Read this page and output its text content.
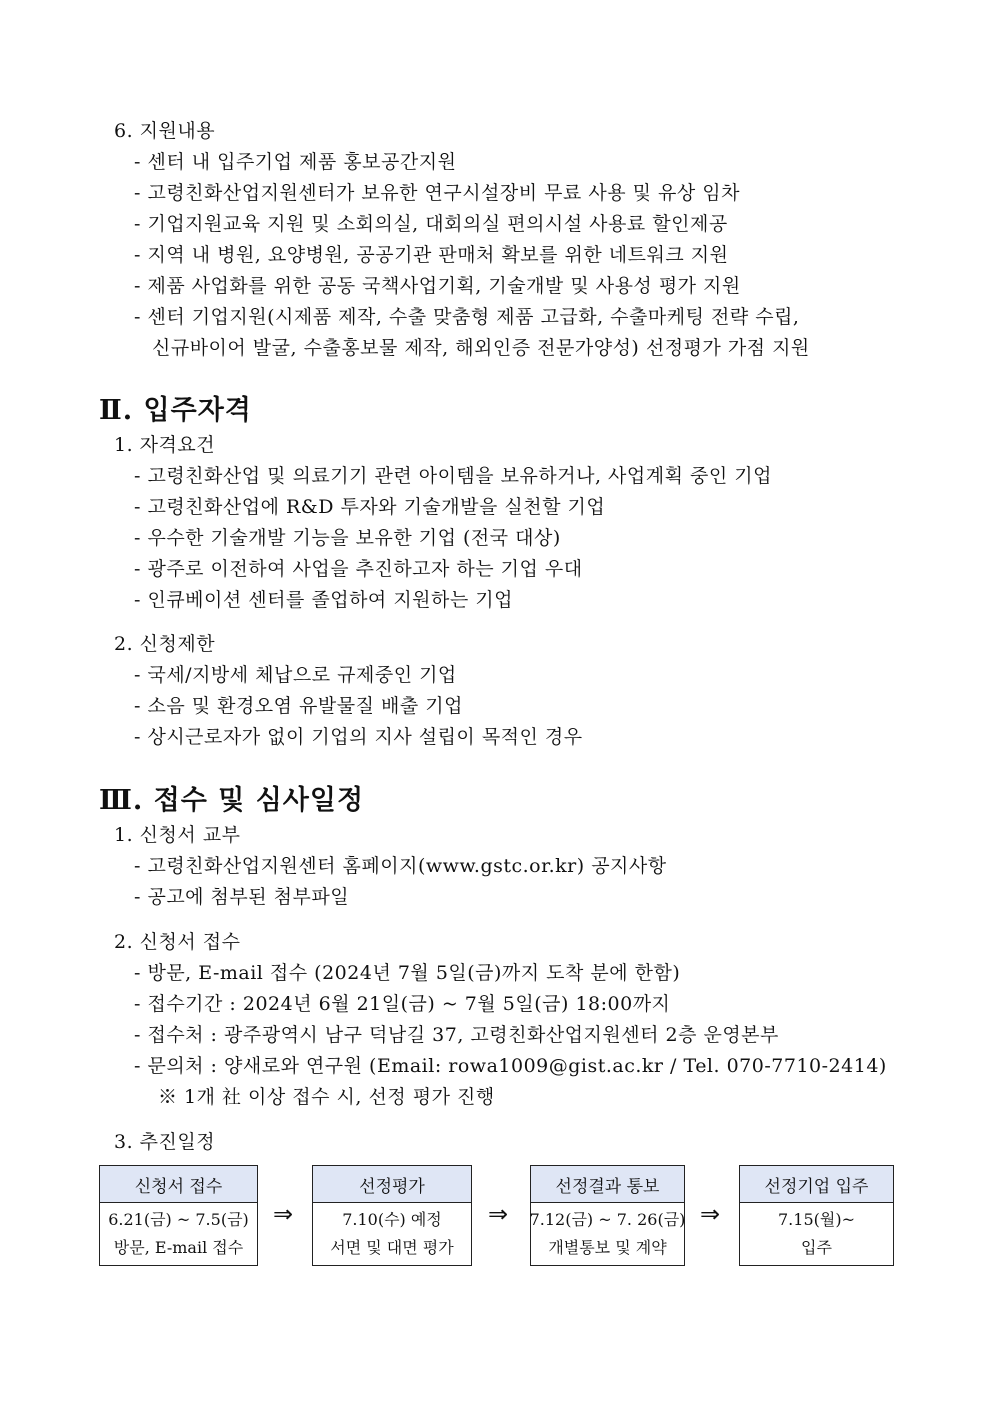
6. 지원내용
- 센터 내 입주기업 제품 홍보공간지원
- 고령친화산업지원센터가 보유한 연구시설장비 무료 사용 및 유상 임차
- 기업지원교육 지원 및 소회의실, 대회의실 편의시설 사용료 할인제공
- 지역 내 병원, 요양병원, 공공기관 판매처 확보를 위한 네트워크 지원
- 제품 사업화를 위한 공동 국책사업기획, 기술개발 및 사용성 평가 지원
- 센터 기업지원(시제품 제작, 수출 맞춤형 제품 고급화, 수출마케팅 전략 수립,
신규바이어 발굴, 수출홍보물 제작, 해외인증 전문가양성) 선정평가 가점 지원
Ⅱ. 입주자격
1. 자격요건
- 고령친화산업 및 의료기기 관련 아이템을 보유하거나, 사업계획 중인 기업
- 고령친화산업에 R&D 투자와 기술개발을 실천할 기업
- 우수한 기술개발 기능을 보유한 기업 (전국 대상)
- 광주로 이전하여 사업을 추진하고자 하는 기업 우대
- 인큐베이션 센터를 졸업하여 지원하는 기업
2. 신청제한
- 국세/지방세 체납으로 규제중인 기업
- 소음 및 환경오염 유발물질 배출 기업
- 상시근로자가 없이 기업의 지사 설립이 목적인 경우
Ⅲ. 접수 및 심사일정
1. 신청서 교부
- 고령친화산업지원센터 홈페이지(www.gstc.or.kr) 공지사항
- 공고에 첨부된 첨부파일
2. 신청서 접수
- 방문, E-mail 접수 (2024년 7월 5일(금)까지 도착 분에 한함)
- 접수기간 : 2024년 6월 21일(금) ~ 7월 5일(금) 18:00까지
- 접수처 : 광주광역시 남구 덕남길 37, 고령친화산업지원센터 2층 운영본부
- 문의처 : 양새로와 연구원 (Email: rowa1009@gist.ac.kr / Tel. 070-7710-2414)
※ 1개 社 이상 접수 시, 선정 평가 진행
3. 추진일정
신청서 접수
6.21(금) ~ 7.5(금)
방문, E-mail 접수
⇒
선정평가
7.10(수) 예정
서면 및 대면 평가
⇒
선정결과 통보
7.12(금) ~ 7. 26(금)
개별통보 및 계약
⇒
선정기업 입주
7.15(월)~
입주
